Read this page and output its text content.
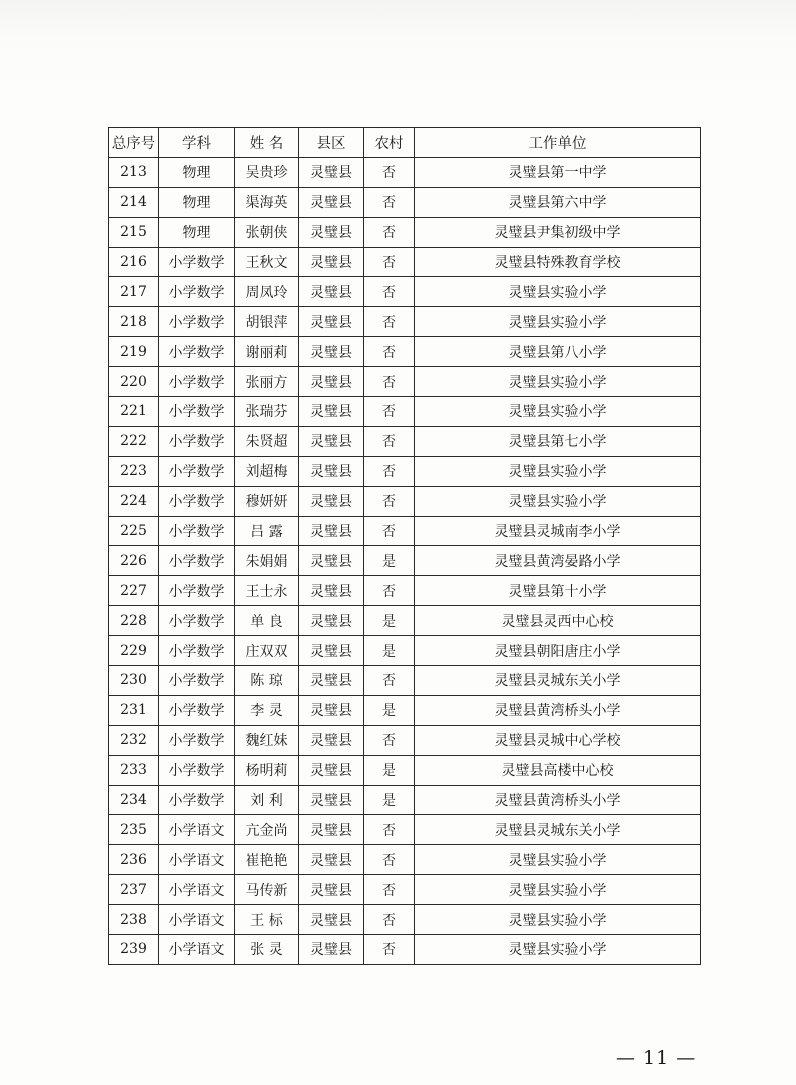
总序号	学科	姓 名	县区	农村	工作单位
213	物理	吴贵珍	灵璧县	否	灵璧县第一中学
214	物理	渠海英	灵璧县	否	灵璧县第六中学
215	物理	张朝侠	灵璧县	否	灵璧县尹集初级中学
216	小学数学	王秋文	灵璧县	否	灵璧县特殊教育学校
217	小学数学	周凤玲	灵璧县	否	灵璧县实验小学
218	小学数学	胡银萍	灵璧县	否	灵璧县实验小学
219	小学数学	谢丽莉	灵璧县	否	灵璧县第八小学
220	小学数学	张丽方	灵璧县	否	灵璧县实验小学
221	小学数学	张瑞芬	灵璧县	否	灵璧县实验小学
222	小学数学	朱贤超	灵璧县	否	灵璧县第七小学
223	小学数学	刘超梅	灵璧县	否	灵璧县实验小学
224	小学数学	穆妍妍	灵璧县	否	灵璧县实验小学
225	小学数学	吕 露	灵璧县	否	灵璧县灵城南李小学
226	小学数学	朱娟娟	灵璧县	是	灵璧县黄湾晏路小学
227	小学数学	王士永	灵璧县	否	灵璧县第十小学
228	小学数学	单 良	灵璧县	是	灵璧县灵西中心校
229	小学数学	庄双双	灵璧县	是	灵璧县朝阳唐庄小学
230	小学数学	陈 琼	灵璧县	否	灵璧县灵城东关小学
231	小学数学	李 灵	灵璧县	是	灵璧县黄湾桥头小学
232	小学数学	魏红妹	灵璧县	否	灵璧县灵城中心学校
233	小学数学	杨明莉	灵璧县	是	灵璧县高楼中心校
234	小学数学	刘 利	灵璧县	是	灵璧县黄湾桥头小学
235	小学语文	亢金尚	灵璧县	否	灵璧县灵城东关小学
236	小学语文	崔艳艳	灵璧县	否	灵璧县实验小学
237	小学语文	马传新	灵璧县	否	灵璧县实验小学
238	小学语文	王 标	灵璧县	否	灵璧县实验小学
239	小学语文	张 灵	灵璧县	否	灵璧县实验小学
— 11 —
